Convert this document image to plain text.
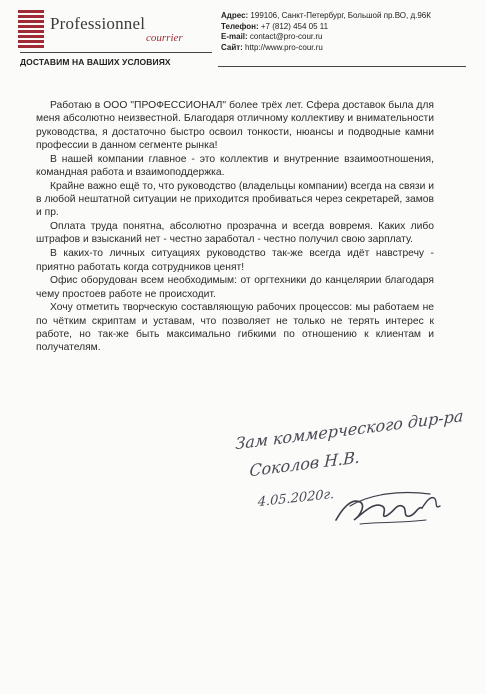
Professionnel
courrier
ДОСТАВИМ НА ВАШИХ УСЛОВИЯХ
Адрес: 199106, Санкт-Петербург, Большой пр.ВО, д.96К
Телефон: +7 (812) 454 05 11
E-mail: contact@pro-cour.ru
Сайт: http://www.pro-cour.ru

Работаю в ООО "ПРОФЕССИОНАЛ" более трёх лет. Сфера доставок была для меня абсолютно неизвестной. Благодаря отличному коллективу и внимательности руководства, я достаточно быстро освоил тонкости, нюансы и подводные камни профессии в данном сегменте рынка!

В нашей компании главное - это коллектив и внутренние взаимоотношения, командная работа и взаимоподдержка.

Крайне важно ещё то, что руководство (владельцы компании) всегда на связи и в любой нештатной ситуации не приходится пробиваться через секретарей, замов и пр.

Оплата труда понятна, абсолютно прозрачна и всегда вовремя. Каких либо штрафов и взысканий нет - честно заработал - честно получил свою зарплату.

В каких-то личных ситуациях руководство так-же всегда идёт навстречу - приятно работать когда сотрудников ценят!

Офис оборудован всем необходимым: от оргтехники до канцелярии благодаря чему простоев работе не происходит.

Хочу отметить творческую составляющую рабочих процессов: мы работаем не по чётким скриптам и уставам, что позволяет не только не терять интерес к работе, но так-же быть максимально гибкими по отношению к клиентам и получателям.

Зам коммерческого дир-ра
Соколов Н.В.
4.05.2020г.
